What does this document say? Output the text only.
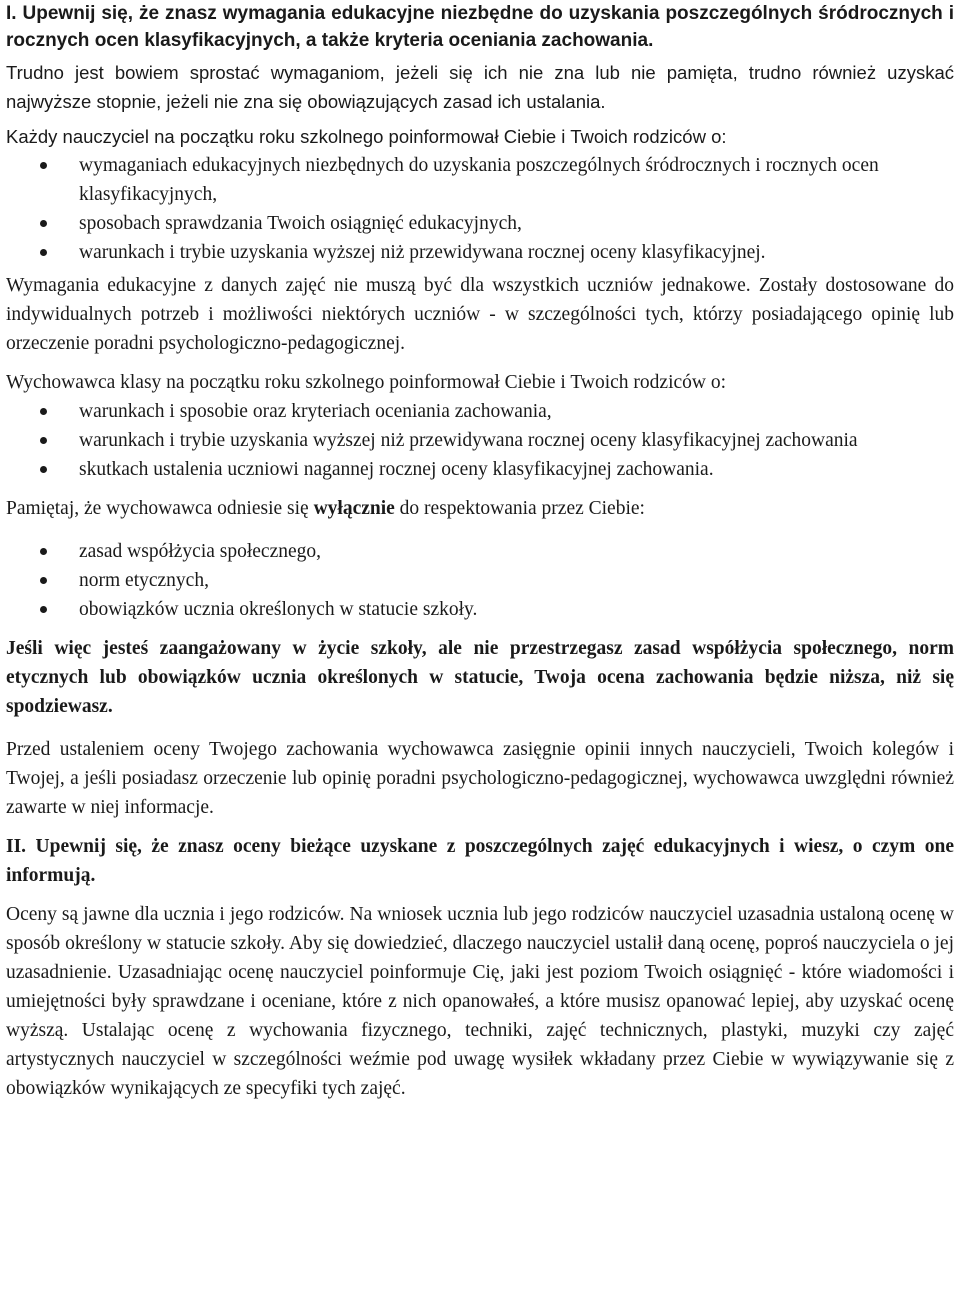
I. Upewnij się, że znasz wymagania edukacyjne niezbędne do uzyskania poszczególnych śródrocznych i rocznych ocen klasyfikacyjnych, a także kryteria oceniania zachowania.

Trudno jest bowiem sprostać wymaganiom, jeżeli się ich nie zna lub nie pamięta, trudno również uzyskać najwyższe stopnie, jeżeli nie zna się obowiązujących zasad ich ustalania.

Każdy nauczyciel na początku roku szkolnego poinformował Ciebie i Twoich rodziców o:

wymaganiach edukacyjnych niezbędnych do uzyskania poszczególnych śródrocznych i rocznych ocen klasyfikacyjnych,
sposobach sprawdzania Twoich osiągnięć edukacyjnych,
warunkach i trybie uzyskania wyższej niż przewidywana rocznej oceny klasyfikacyjnej.

Wymagania edukacyjne z danych zajęć nie muszą być dla wszystkich uczniów jednakowe. Zostały dostosowane do indywidualnych potrzeb i możliwości niektórych uczniów - w szczególności tych, którzy posiadającego opinię lub orzeczenie poradni psychologiczno-pedagogicznej.

Wychowawca klasy na początku roku szkolnego poinformował Ciebie i Twoich rodziców o:

warunkach i sposobie oraz kryteriach oceniania zachowania,
warunkach i trybie uzyskania wyższej niż przewidywana rocznej oceny klasyfikacyjnej zachowania
skutkach ustalenia uczniowi nagannej rocznej oceny klasyfikacyjnej zachowania.

Pamiętaj, że wychowawca odniesie się wyłącznie do respektowania przez Ciebie:

zasad współżycia społecznego,
norm etycznych,
obowiązków ucznia określonych w statucie szkoły.

Jeśli więc jesteś zaangażowany w życie szkoły, ale nie przestrzegasz zasad współżycia społecznego, norm etycznych lub obowiązków ucznia określonych w statucie, Twoja ocena zachowania będzie niższa, niż się spodziewasz.

Przed ustaleniem oceny Twojego zachowania wychowawca zasięgnie opinii innych nauczycieli, Twoich kolegów i Twojej, a jeśli posiadasz orzeczenie lub opinię poradni psychologiczno-pedagogicznej, wychowawca uwzględni również zawarte w niej informacje.

II. Upewnij się, że znasz oceny bieżące uzyskane z poszczególnych zajęć edukacyjnych i wiesz, o czym one informują.

Oceny są jawne dla ucznia i jego rodziców. Na wniosek ucznia lub jego rodziców nauczyciel uzasadnia ustaloną ocenę w sposób określony w statucie szkoły. Aby się dowiedzieć, dlaczego nauczyciel ustalił daną ocenę, poproś nauczyciela o jej uzasadnienie. Uzasadniając ocenę nauczyciel poinformuje Cię, jaki jest poziom Twoich osiągnięć - które wiadomości i umiejętności były sprawdzane i oceniane, które z nich opanowałeś, a które musisz opanować lepiej, aby uzyskać ocenę wyższą. Ustalając ocenę z wychowania fizycznego, techniki, zajęć technicznych, plastyki, muzyki czy zajęć artystycznych nauczyciel w szczególności weźmie pod uwagę wysiłek wkładany przez Ciebie w wywiązywanie się z obowiązków wynikających ze specyfiki tych zajęć.
